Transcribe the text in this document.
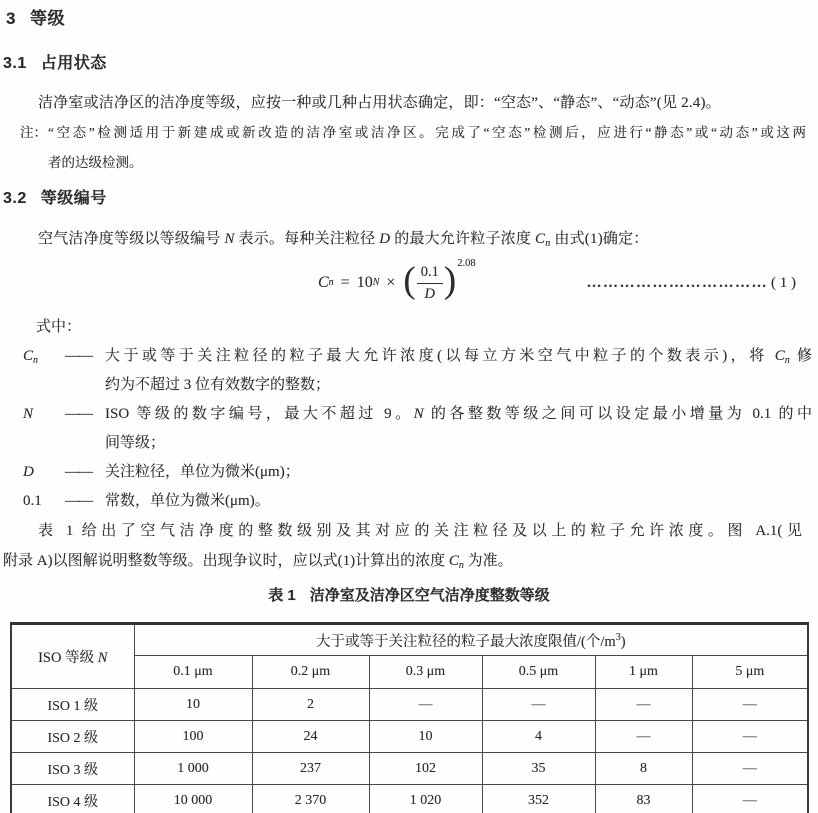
3 等级
3.1 占用状态

洁净室或洁净区的洁净度等级，应按一种或几种占用状态确定，即：“空态”、“静态”、“动态”(见 2.4)。

注： “空态”检测适用于新建成或新改造的洁净室或洁净区。完成了“空态”检测后，应进行“静态”或“动态”或这两
者的达级检测。
3.2 等级编号

空气洁净度等级以等级编号 N 表示。每种关注粒径 D 的最大允许粒子浓度 $C_n$ 由式(1)确定：

C n = 10 N × ( $\frac{0.1}{D}$ ) 2.08
…………………………… ( 1 )
式中：
$C_n$	—— 大于或等于关注粒径的粒子最大允许浓度(以每立方米空气中粒子的个数表示)，将 $C_n$ 修
约为不超过 3 位有效数字的整数；
N	—— ISO 等级的数字编号，最大不超过 9。N 的各整数等级之间可以设定最小增量为 0.1 的中
间等级；
D	—— 关注粒径，单位为微米(μm)；
0.1	—— 常数，单位为微米(μm)。
表 1 给出了空气洁净度的整数级别及其对应的关注粒径及以上的粒子允许浓度。图 A.1(见
附录 A)以图解说明整数等级。出现争议时，应以式(1)计算出的浓度 $C_n$ 为准。
表 1 洁净室及洁净区空气洁净度整数等级
ISO 等级 N	大于或等于关注粒径的粒子最大浓度限值/(个$/m^3$)					
	0.1 μm	0.2 μm	0.3 μm	0.5 μm	1 μm	5 μm
ISO 1 级	10	2	—	—	—	—
ISO 2 级	100	24	10	4	—	—
ISO 3 级	1 000	237	102	35	8	—
ISO 4 级	10 000	2 370	1 020	352	83	—
